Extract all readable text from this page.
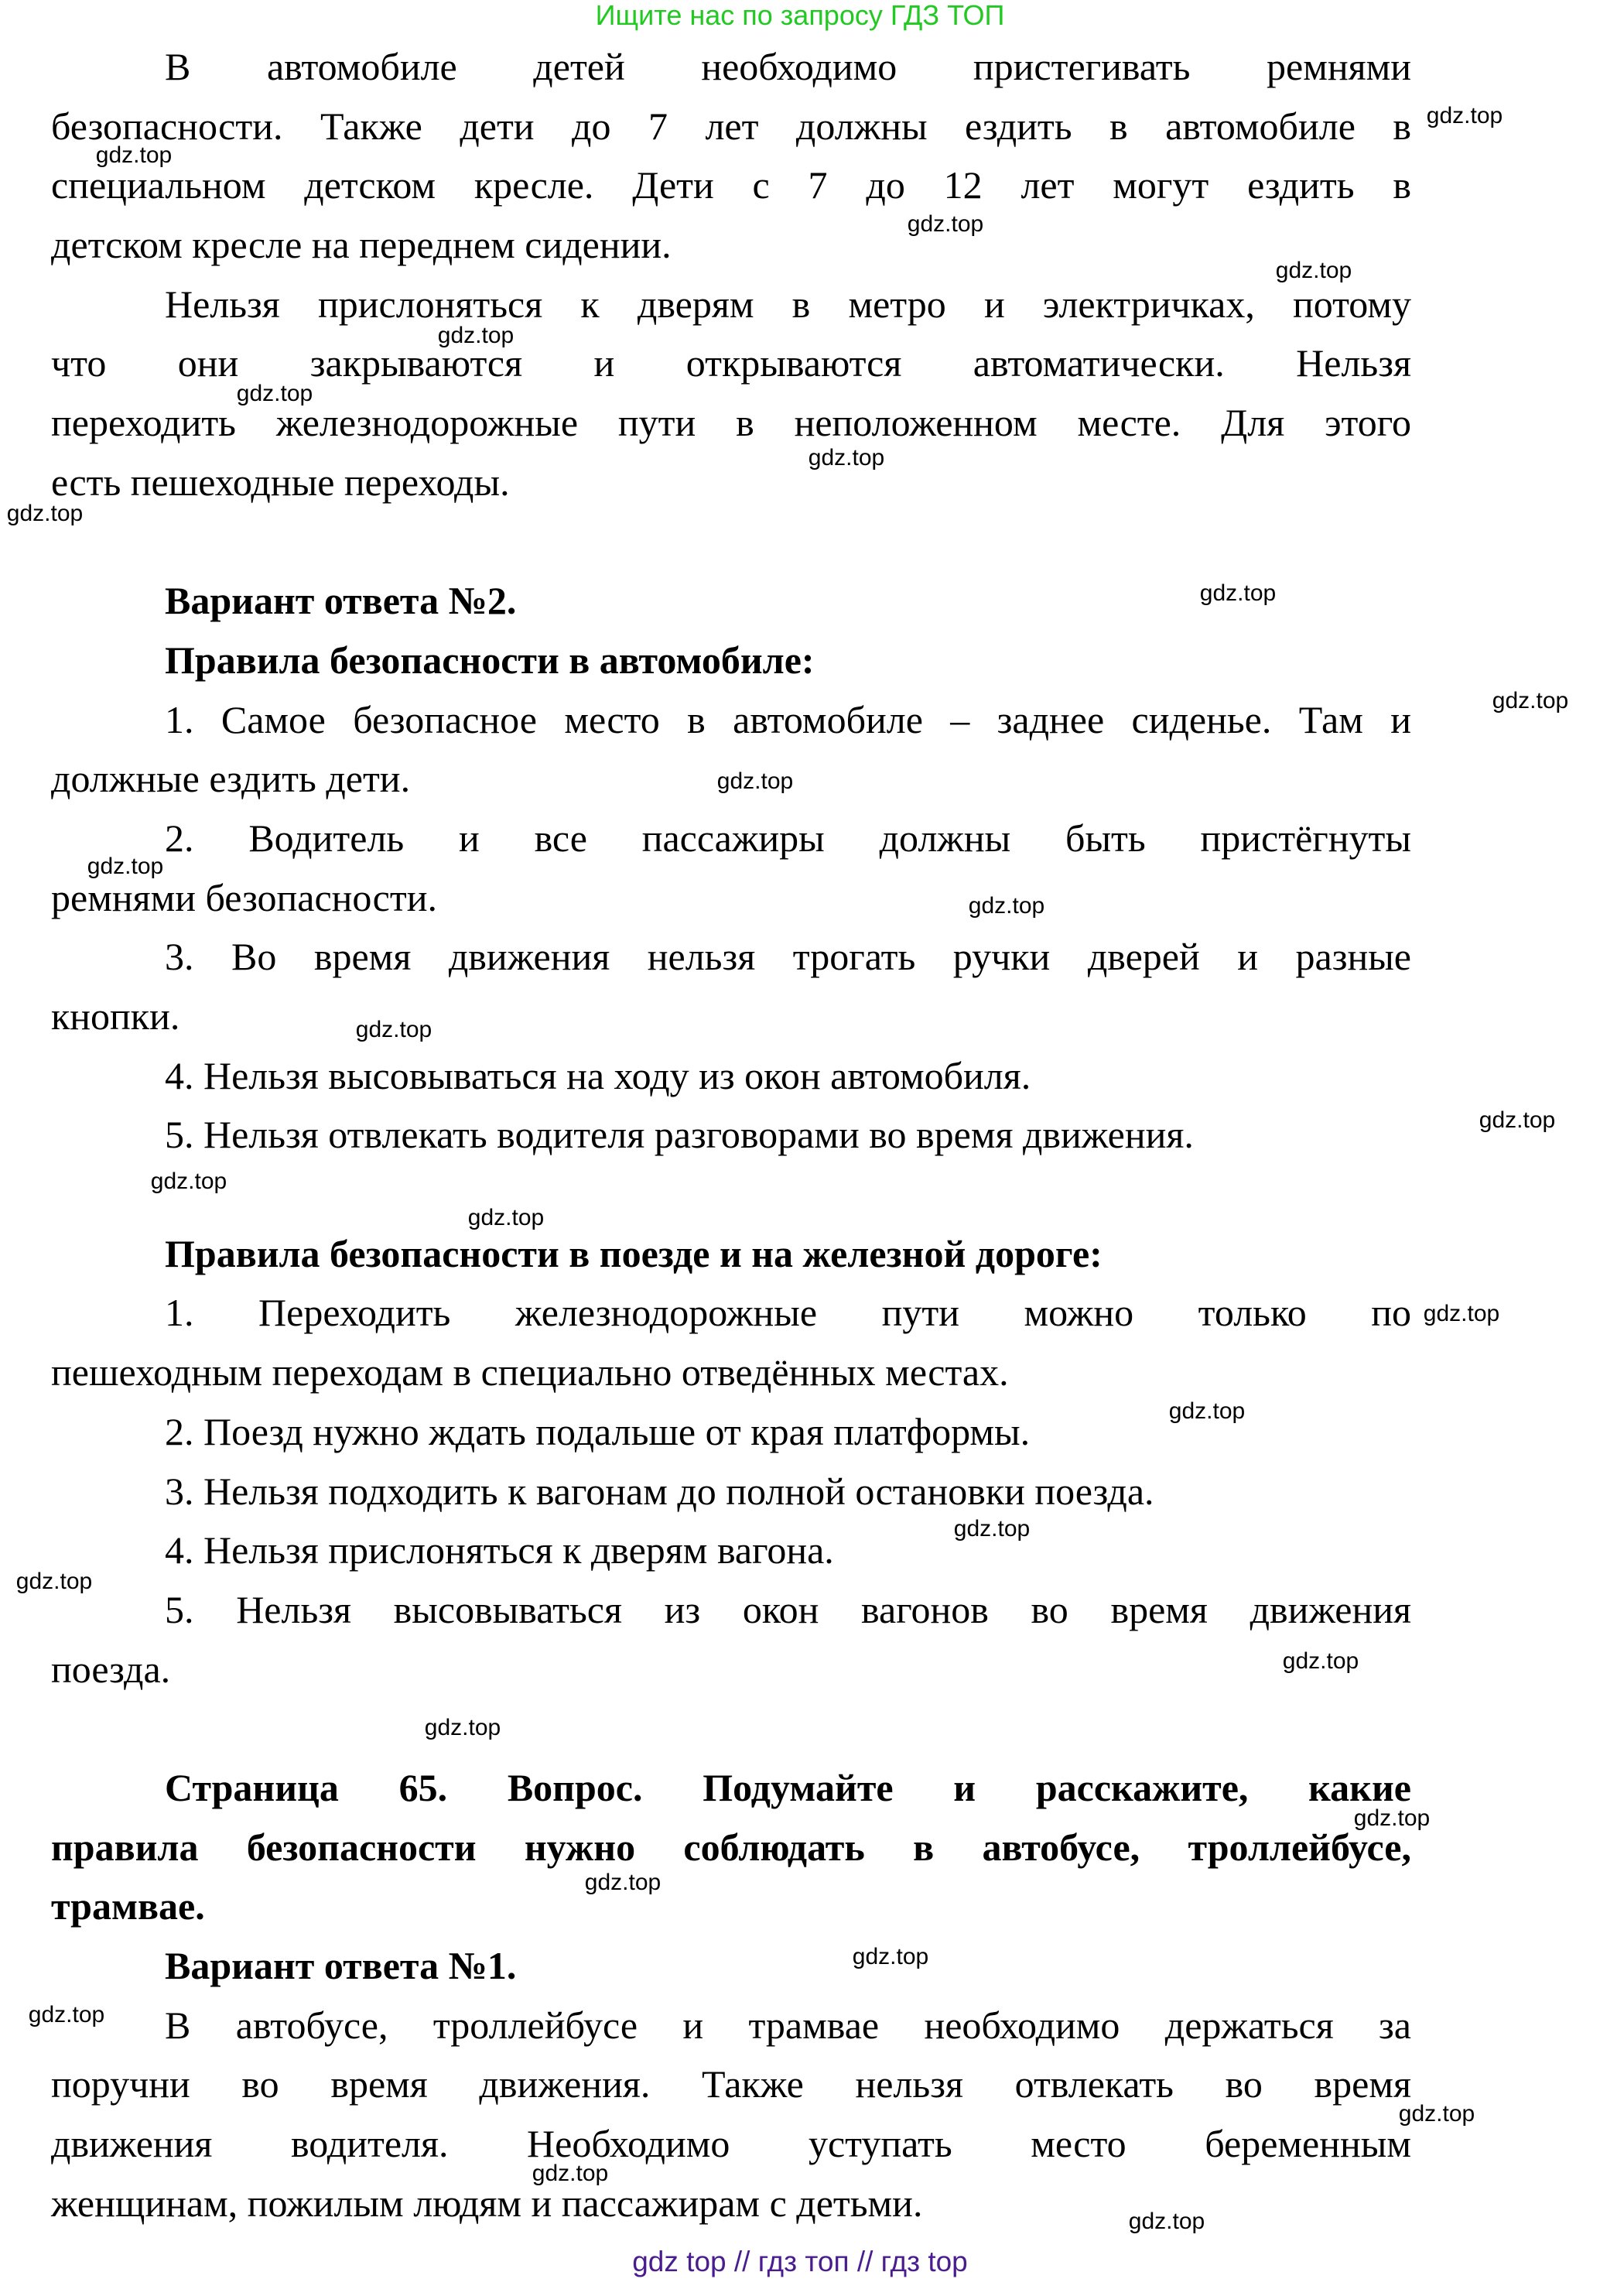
Ищите нас по запросу ГДЗ ТОП
В автомобиле детей необходимо пристегивать ремнями
безопасности. Также дети до 7 лет должны ездить в автомобиле в
специальном детском кресле. Дети с 7 до 12 лет могут ездить в
детском кресле на переднем сидении.
Нельзя прислоняться к дверям в метро и электричках, потому
что они закрываются и открываются автоматически. Нельзя
переходить железнодорожные пути в неположенном месте. Для этого
есть пешеходные переходы.
Вариант ответа №2.
Правила безопасности в автомобиле:
1. Самое безопасное место в автомобиле – заднее сиденье. Там и
должные ездить дети.
2. Водитель и все пассажиры должны быть пристёгнуты
ремнями безопасности.
3. Во время движения нельзя трогать ручки дверей и разные
кнопки.
4. Нельзя высовываться на ходу из окон автомобиля.
5. Нельзя отвлекать водителя разговорами во время движения.
Правила безопасности в поезде и на железной дороге:
1. Переходить железнодорожные пути можно только по
пешеходным переходам в специально отведённых местах.
2. Поезд нужно ждать подальше от края платформы.
3. Нельзя подходить к вагонам до полной остановки поезда.
4. Нельзя прислоняться к дверям вагона.
5. Нельзя высовываться из окон вагонов во время движения
поезда.
Страница 65. Вопрос. Подумайте и расскажите, какие
правила безопасности нужно соблюдать в автобусе, троллейбусе,
трамвае.
Вариант ответа №1.
В автобусе, троллейбусе и трамвае необходимо держаться за
поручни во время движения. Также нельзя отвлекать во время
движения водителя. Необходимо уступать место беременным
женщинам, пожилым людям и пассажирам с детьми.
gdz.top
gdz.top
gdz.top
gdz.top
gdz.top
gdz.top
gdz.top
gdz.top
gdz.top
gdz.top
gdz.top
gdz.top
gdz.top
gdz.top
gdz.top
gdz.top
gdz.top
gdz.top
gdz.top
gdz.top
gdz.top
gdz.top
gdz.top
gdz.top
gdz.top
gdz.top
gdz.top
gdz.top
gdz.top
gdz.top
gdz top // гдз топ // гдз top
